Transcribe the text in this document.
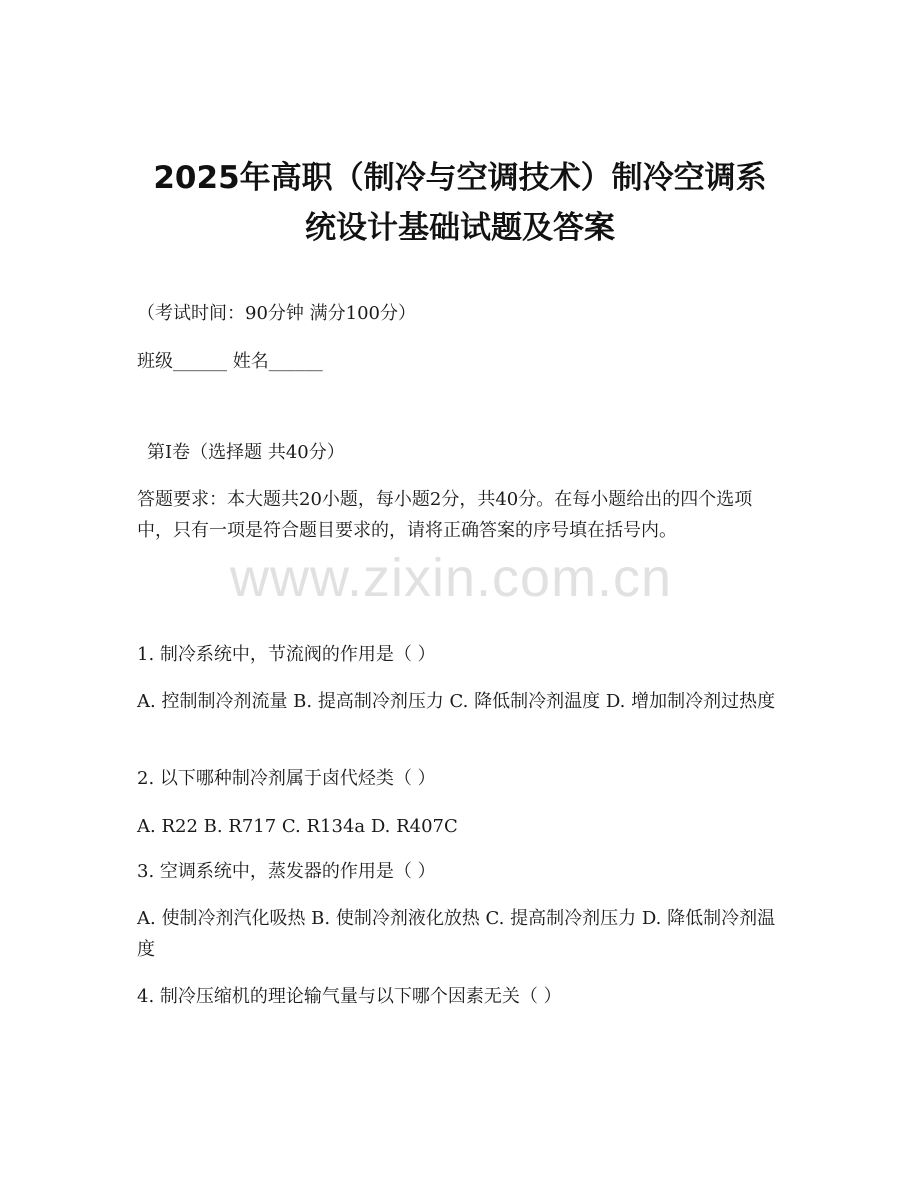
2025年高职（制冷与空调技术）制冷空调系
统设计基础试题及答案
（考试时间：90分钟 满分100分）
班级______ 姓名______
第I卷（选择题 共40分）
答题要求：本大题共20小题，每小题2分，共40分。在每小题给出的四个选项中，只有一项是符合题目要求的，请将正确答案的序号填在括号内。
www.zixin.com.cn
1. 制冷系统中，节流阀的作用是（ ）
A. 控制制冷剂流量 B. 提高制冷剂压力 C. 降低制冷剂温度 D. 增加制冷剂过热度
2. 以下哪种制冷剂属于卤代烃类（ ）
A. R22 B. R717 C. R134a D. R407C
3. 空调系统中，蒸发器的作用是（ ）
A. 使制冷剂汽化吸热 B. 使制冷剂液化放热 C. 提高制冷剂压力 D. 降低制冷剂温度
4. 制冷压缩机的理论输气量与以下哪个因素无关（ ）
